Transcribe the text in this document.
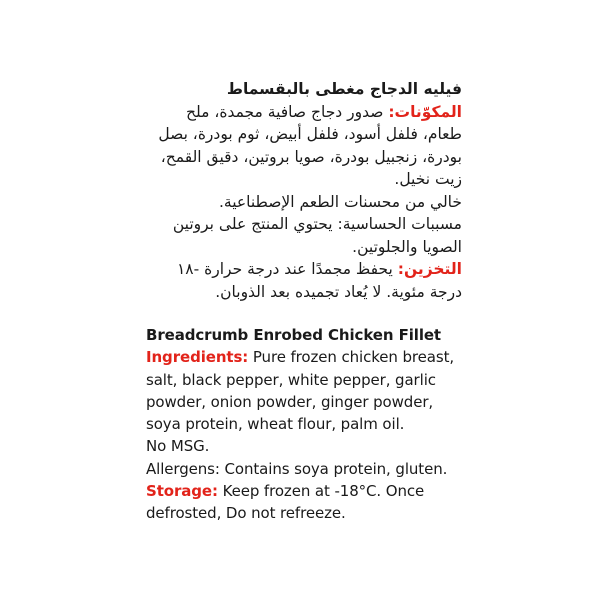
فيليه الدجاج مغطى بالبقسماط

المكوّنات: صدور دجاج صافية مجمدة، ملح طعام، فلفل أسود، فلفل أبيض، ثوم بودرة، بصل بودرة، زنجبيل بودرة، صويا بروتين، دقيق القمح، زيت نخيل.

خالي من محسنات الطعم الإصطناعية.

مسببات الحساسية: يحتوي المنتج على بروتين الصويا والجلوتين.

التخزين: يحفظ مجمدًا عند درجة حرارة -١٨ درجة مئوية. لا يُعاد تجميده بعد الذوبان.

Breadcrumb Enrobed Chicken Fillet

Ingredients: Pure frozen chicken breast, salt, black pepper, white pepper, garlic powder, onion powder, ginger powder, soya protein, wheat flour, palm oil.

No MSG.

Allergens: Contains soya protein, gluten.

Storage: Keep frozen at -18°C. Once defrosted, Do not refreeze.
